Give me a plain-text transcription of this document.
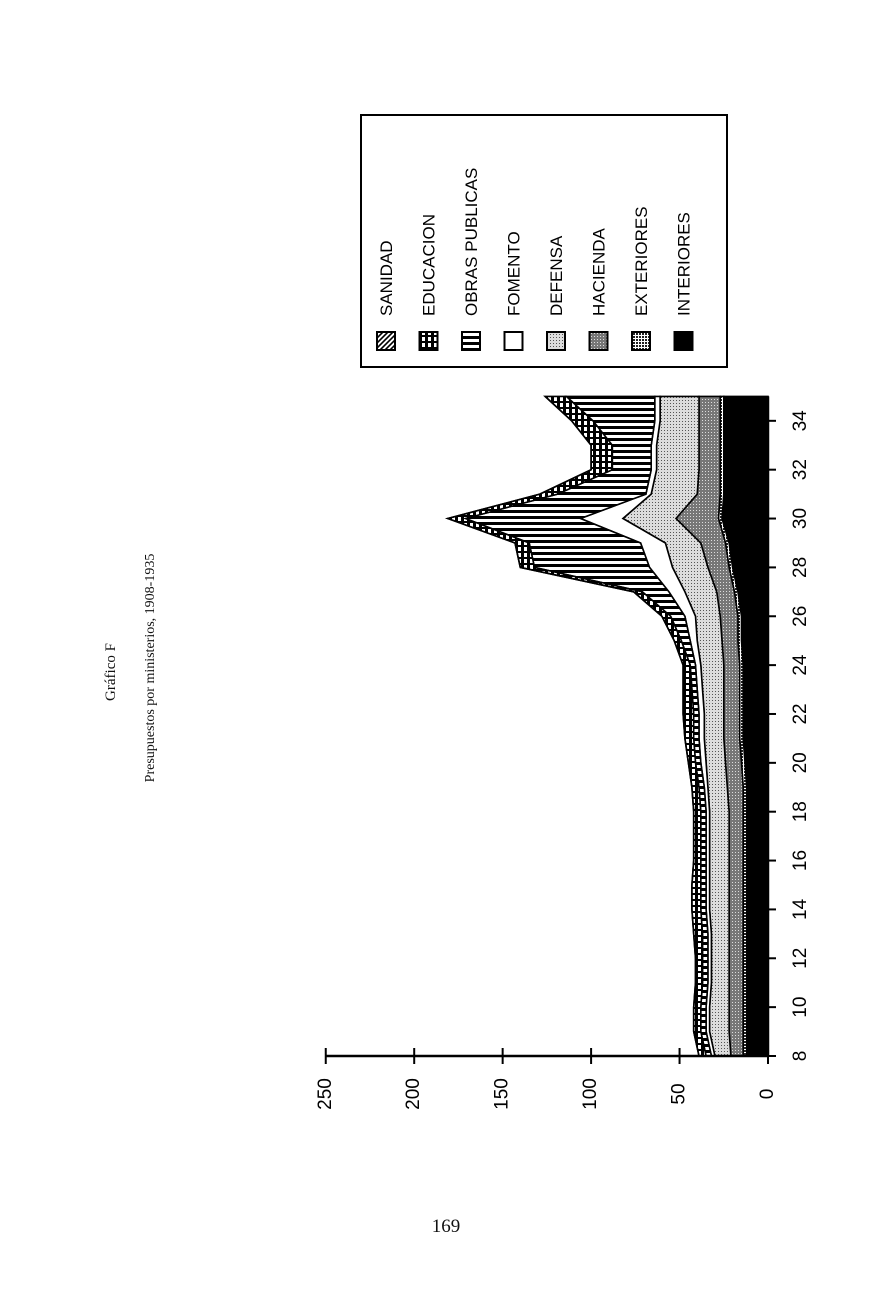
Gráfico F Presupuestos por ministerios, 1908-1935
8
10
12
14
16
18
20
22
24
26
28
30
32
34
0
50
100
150
200
250
SANIDAD EDUCACION OBRAS PUBLICAS FOMENTO DEFENSA HACIENDA EXTERIORES INTERIORES
169
